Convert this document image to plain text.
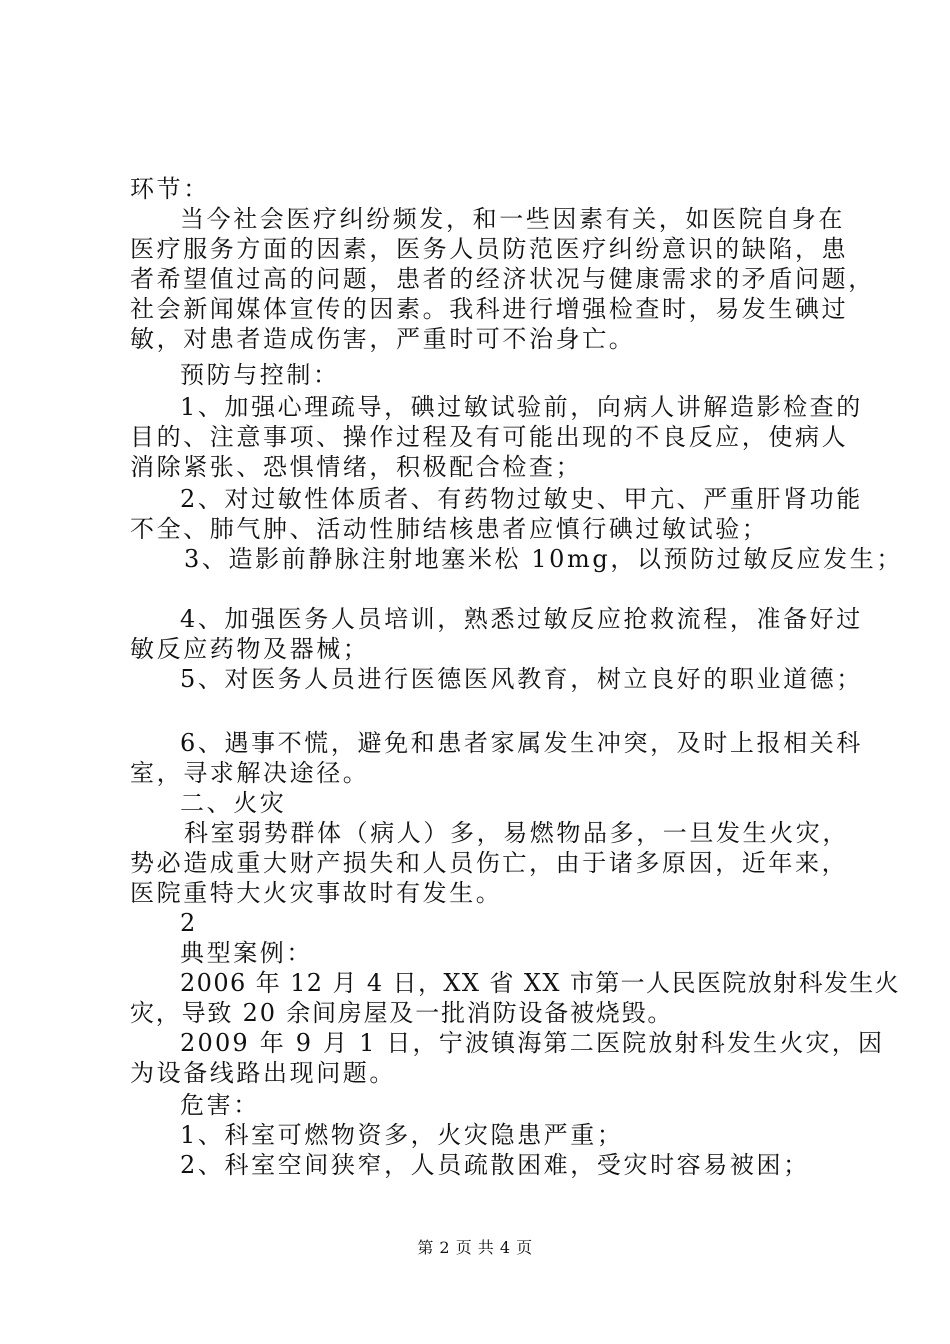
环节：
当今社会医疗纠纷频发，和一些因素有关，如医院自身在
医疗服务方面的因素，医务人员防范医疗纠纷意识的缺陷，患
者希望值过高的问题，患者的经济状况与健康需求的矛盾问题，
社会新闻媒体宣传的因素。我科进行增强检查时，易发生碘过
敏，对患者造成伤害，严重时可不治身亡。
预防与控制：
1、加强心理疏导，碘过敏试验前，向病人讲解造影检查的
目的、注意事项、操作过程及有可能出现的不良反应，使病人
消除紧张、恐惧情绪，积极配合检查；
2、对过敏性体质者、有药物过敏史、甲亢、严重肝肾功能
不全、肺气肿、活动性肺结核患者应慎行碘过敏试验；
3、造影前静脉注射地塞米松 10mg，以预防过敏反应发生；
4、加强医务人员培训，熟悉过敏反应抢救流程，准备好过
敏反应药物及器械；
5、对医务人员进行医德医风教育，树立良好的职业道德；
6、遇事不慌，避免和患者家属发生冲突，及时上报相关科
室，寻求解决途径。
二、火灾
科室弱势群体（病人）多，易燃物品多，一旦发生火灾，
势必造成重大财产损失和人员伤亡，由于诸多原因，近年来，
医院重特大火灾事故时有发生。
2
典型案例：
2006 年 12 月 4 日，XX 省 XX 市第一人民医院放射科发生火
灾，导致 20 余间房屋及一批消防设备被烧毁。
2009 年 9 月 1 日，宁波镇海第二医院放射科发生火灾，因
为设备线路出现问题。
危害：
1、科室可燃物资多，火灾隐患严重；
2、科室空间狭窄，人员疏散困难，受灾时容易被困；
第 2 页 共 4 页
